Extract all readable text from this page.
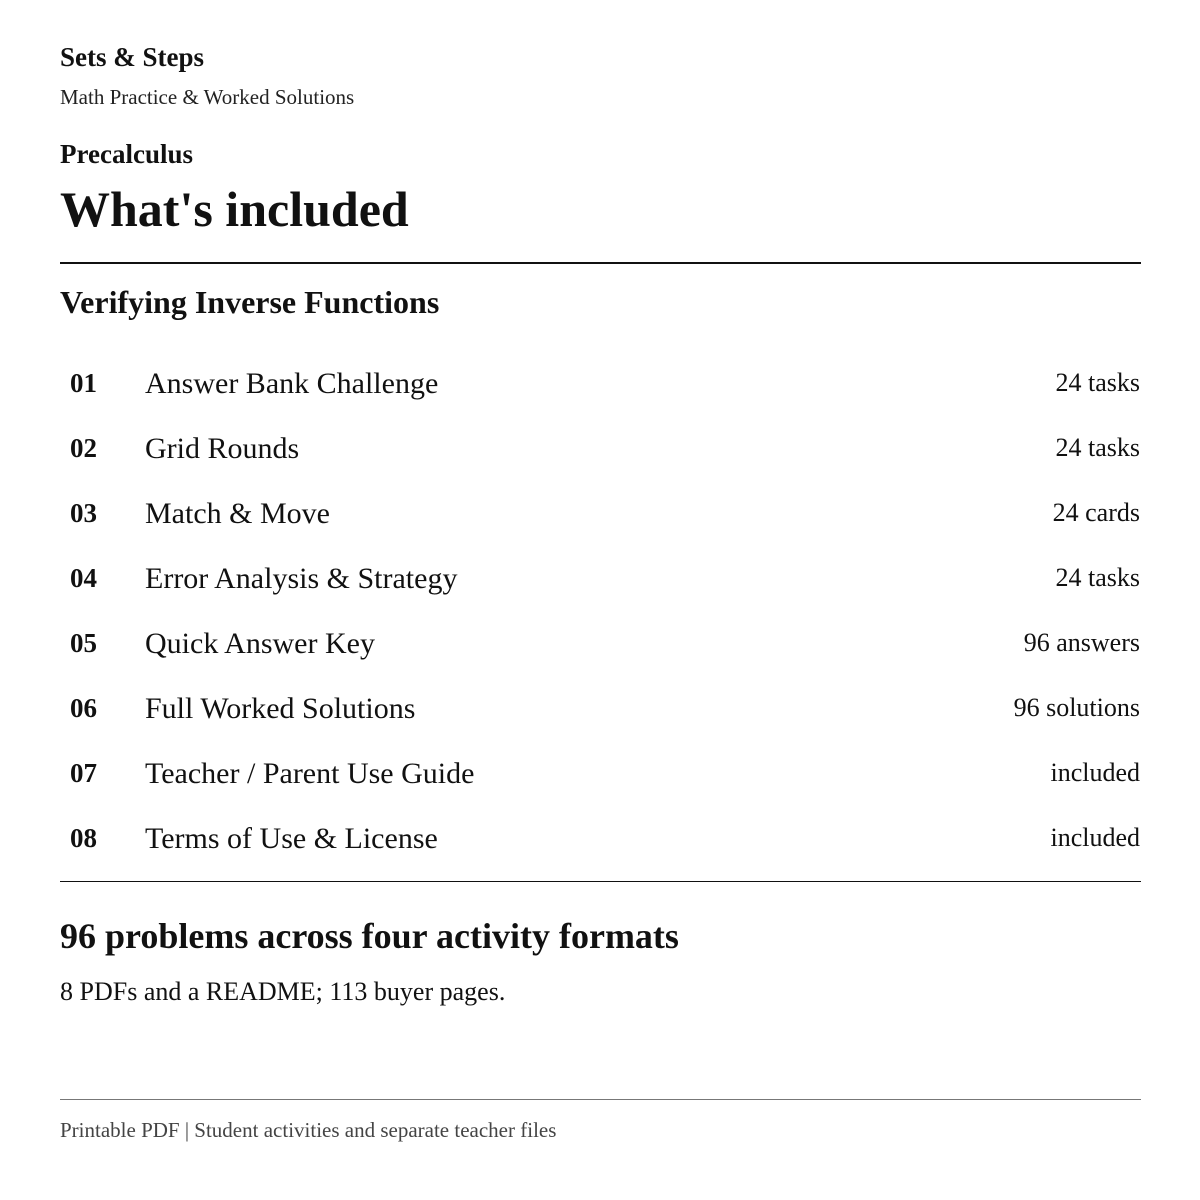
Sets & Steps
Math Practice & Worked Solutions
Precalculus
What's included
Verifying Inverse Functions
01 Answer Bank Challenge	24 tasks
02 Grid Rounds	24 tasks
03 Match & Move	24 cards
04 Error Analysis & Strategy	24 tasks
05 Quick Answer Key	96 answers
06 Full Worked Solutions	96 solutions
07 Teacher / Parent Use Guide	included
08 Terms of Use & License	included
96 problems across four activity formats

8 PDFs and a README; 113 buyer pages.

Printable PDF | Student activities and separate teacher files
